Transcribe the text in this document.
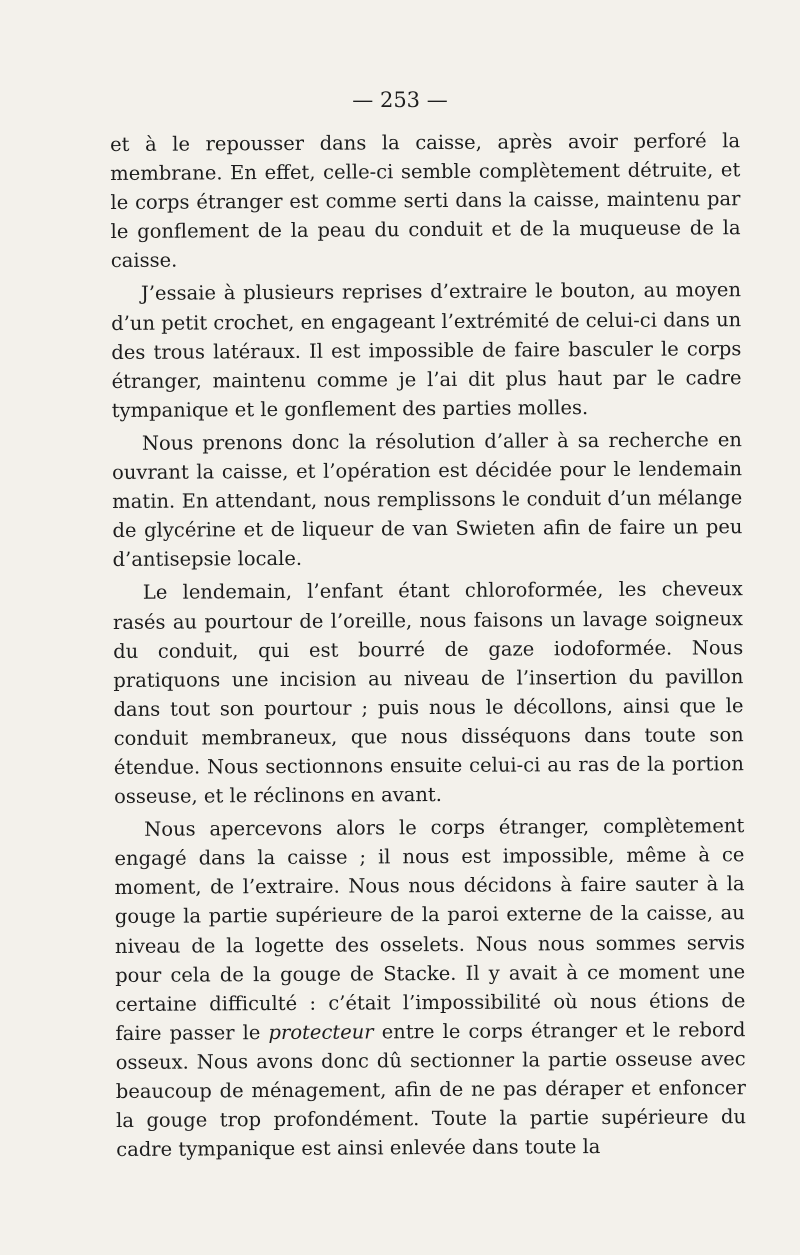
— 253 —

et à le repousser dans la caisse, après avoir perforé la membrane. En effet, celle-ci semble complètement détruite, et le corps étranger est comme serti dans la caisse, maintenu par le gonflement de la peau du conduit et de la muqueuse de la caisse.

J’essaie à plusieurs reprises d’extraire le bouton, au moyen d’un petit crochet, en engageant l’extrémité de celui-ci dans un des trous latéraux. Il est impossible de faire basculer le corps étranger, maintenu comme je l’ai dit plus haut par le cadre tympanique et le gonflement des parties molles.

Nous prenons donc la résolution d’aller à sa recherche en ouvrant la caisse, et l’opération est décidée pour le lendemain matin. En attendant, nous remplissons le conduit d’un mélange de glycérine et de liqueur de van Swieten afin de faire un peu d’antisepsie locale.

Le lendemain, l’enfant étant chloroformée, les cheveux rasés au pourtour de l’oreille, nous faisons un lavage soigneux du conduit, qui est bourré de gaze iodoformée. Nous pratiquons une incision au niveau de l’insertion du pavillon dans tout son pourtour ; puis nous le décollons, ainsi que le conduit membraneux, que nous disséquons dans toute son étendue. Nous sectionnons ensuite celui-ci au ras de la portion osseuse, et le réclinons en avant.

Nous apercevons alors le corps étranger, complètement engagé dans la caisse ; il nous est impossible, même à ce moment, de l’extraire. Nous nous décidons à faire sauter à la gouge la partie supérieure de la paroi externe de la caisse, au niveau de la logette des osselets. Nous nous sommes servis pour cela de la gouge de Stacke. Il y avait à ce moment une certaine difficulté : c’était l’impossibilité où nous étions de faire passer le protecteur entre le corps étranger et le rebord osseux. Nous avons donc dû sectionner la partie osseuse avec beaucoup de ménagement, afin de ne pas déraper et enfoncer la gouge trop profondément. Toute la partie supérieure du cadre tympanique est ainsi enlevée dans toute la
